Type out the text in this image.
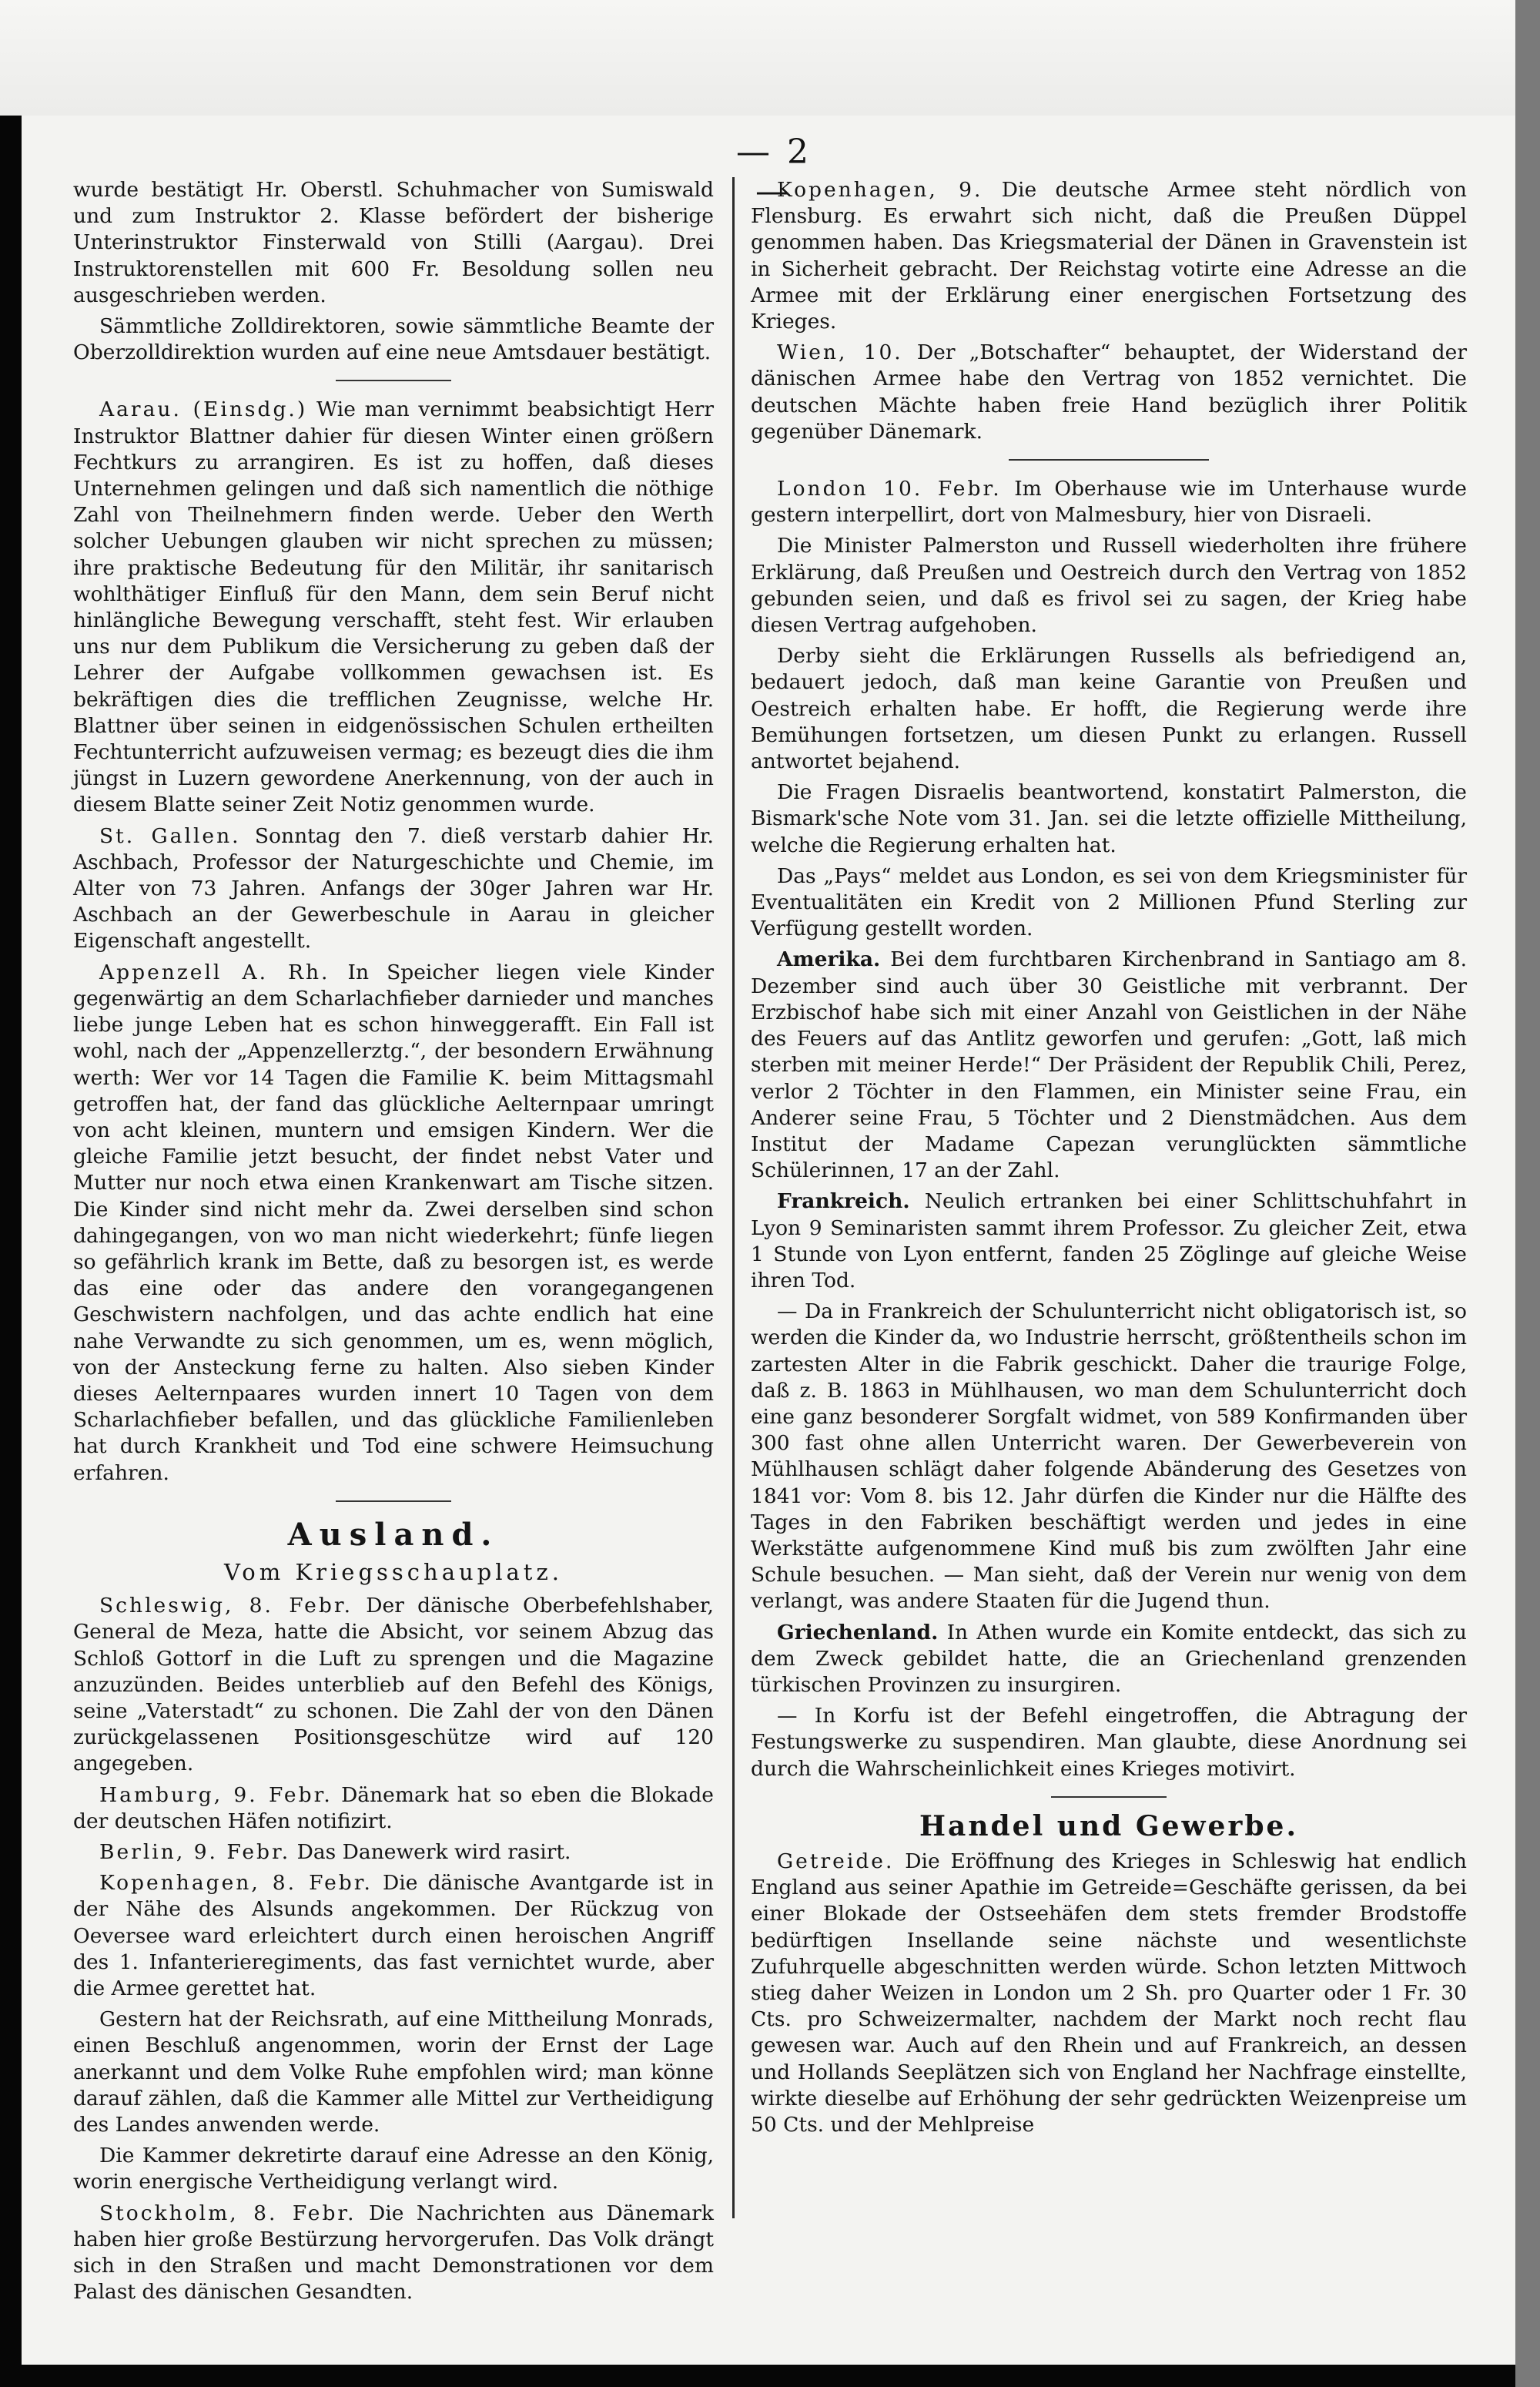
— 2 —

wurde bestätigt Hr. Oberstl. Schuhmacher von Sumiswald und zum Instruktor 2. Klasse befördert der bisherige Unterinstruktor Finsterwald von Stilli (Aargau). Drei Instruktorenstellen mit 600 Fr. Besoldung sollen neu ausgeschrieben werden.

Sämmtliche Zolldirektoren, sowie sämmtliche Beamte der Oberzolldirektion wurden auf eine neue Amtsdauer bestätigt.

Aarau. (Einsdg.) Wie man vernimmt beabsichtigt Herr Instruktor Blattner dahier für diesen Winter einen größern Fechtkurs zu arrangiren. Es ist zu hoffen, daß dieses Unternehmen gelingen und daß sich namentlich die nöthige Zahl von Theilnehmern finden werde. Ueber den Werth solcher Uebungen glauben wir nicht sprechen zu müssen; ihre praktische Bedeutung für den Militär, ihr sanitarisch wohlthätiger Einfluß für den Mann, dem sein Beruf nicht hinlängliche Bewegung verschafft, steht fest. Wir erlauben uns nur dem Publikum die Versicherung zu geben daß der Lehrer der Aufgabe vollkommen gewachsen ist. Es bekräftigen dies die trefflichen Zeugnisse, welche Hr. Blattner über seinen in eidgenössischen Schulen ertheilten Fechtunterricht aufzuweisen vermag; es bezeugt dies die ihm jüngst in Luzern gewordene Anerkennung, von der auch in diesem Blatte seiner Zeit Notiz genommen wurde.

St. Gallen. Sonntag den 7. dieß verstarb dahier Hr. Aschbach, Professor der Naturgeschichte und Chemie, im Alter von 73 Jahren. Anfangs der 30ger Jahren war Hr. Aschbach an der Gewerbeschule in Aarau in gleicher Eigenschaft angestellt.

Appenzell A. Rh. In Speicher liegen viele Kinder gegenwärtig an dem Scharlachfieber darnieder und manches liebe junge Leben hat es schon hinweggerafft. Ein Fall ist wohl, nach der „Appenzellerztg.“, der besondern Erwähnung werth: Wer vor 14 Tagen die Familie K. beim Mittagsmahl getroffen hat, der fand das glückliche Aelternpaar umringt von acht kleinen, muntern und emsigen Kindern. Wer die gleiche Familie jetzt besucht, der findet nebst Vater und Mutter nur noch etwa einen Krankenwart am Tische sitzen. Die Kinder sind nicht mehr da. Zwei derselben sind schon dahingegangen, von wo man nicht wiederkehrt; fünfe liegen so gefährlich krank im Bette, daß zu besorgen ist, es werde das eine oder das andere den vorangegangenen Geschwistern nachfolgen, und das achte endlich hat eine nahe Verwandte zu sich genommen, um es, wenn möglich, von der Ansteckung ferne zu halten. Also sieben Kinder dieses Aelternpaares wurden innert 10 Tagen von dem Scharlachfieber befallen, und das glückliche Familienleben hat durch Krankheit und Tod eine schwere Heimsuchung erfahren.

Ausland.
Vom Kriegsschauplatz.

Schleswig, 8. Febr. Der dänische Oberbefehlshaber, General de Meza, hatte die Absicht, vor seinem Abzug das Schloß Gottorf in die Luft zu sprengen und die Magazine anzuzünden. Beides unterblieb auf den Befehl des Königs, seine „Vaterstadt“ zu schonen. Die Zahl der von den Dänen zurückgelassenen Positionsgeschütze wird auf 120 angegeben.

Hamburg, 9. Febr. Dänemark hat so eben die Blokade der deutschen Häfen notifizirt.

Berlin, 9. Febr. Das Danewerk wird rasirt.

Kopenhagen, 8. Febr. Die dänische Avantgarde ist in der Nähe des Alsunds angekommen. Der Rückzug von Oeversee ward erleichtert durch einen heroischen Angriff des 1. Infanterieregiments, das fast vernichtet wurde, aber die Armee gerettet hat.

Gestern hat der Reichsrath, auf eine Mittheilung Monrads, einen Beschluß angenommen, worin der Ernst der Lage anerkannt und dem Volke Ruhe empfohlen wird; man könne darauf zählen, daß die Kammer alle Mittel zur Vertheidigung des Landes anwenden werde.

Die Kammer dekretirte darauf eine Adresse an den König, worin energische Vertheidigung verlangt wird.

Stockholm, 8. Febr. Die Nachrichten aus Dänemark haben hier große Bestürzung hervorgerufen. Das Volk drängt sich in den Straßen und macht Demonstrationen vor dem Palast des dänischen Gesandten.

Kopenhagen, 9. Die deutsche Armee steht nördlich von Flensburg. Es erwahrt sich nicht, daß die Preußen Düppel genommen haben. Das Kriegsmaterial der Dänen in Gravenstein ist in Sicherheit gebracht. Der Reichstag votirte eine Adresse an die Armee mit der Erklärung einer energischen Fortsetzung des Krieges.

Wien, 10. Der „Botschafter“ behauptet, der Widerstand der dänischen Armee habe den Vertrag von 1852 vernichtet. Die deutschen Mächte haben freie Hand bezüglich ihrer Politik gegenüber Dänemark.

London 10. Febr. Im Oberhause wie im Unterhause wurde gestern interpellirt, dort von Malmesbury, hier von Disraeli.

Die Minister Palmerston und Russell wiederholten ihre frühere Erklärung, daß Preußen und Oestreich durch den Vertrag von 1852 gebunden seien, und daß es frivol sei zu sagen, der Krieg habe diesen Vertrag aufgehoben.

Derby sieht die Erklärungen Russells als befriedigend an, bedauert jedoch, daß man keine Garantie von Preußen und Oestreich erhalten habe. Er hofft, die Regierung werde ihre Bemühungen fortsetzen, um diesen Punkt zu erlangen. Russell antwortet bejahend.

Die Fragen Disraelis beantwortend, konstatirt Palmerston, die Bismark'sche Note vom 31. Jan. sei die letzte offizielle Mittheilung, welche die Regierung erhalten hat.

Das „Pays“ meldet aus London, es sei von dem Kriegsminister für Eventualitäten ein Kredit von 2 Millionen Pfund Sterling zur Verfügung gestellt worden.

Amerika. Bei dem furchtbaren Kirchenbrand in Santiago am 8. Dezember sind auch über 30 Geistliche mit verbrannt. Der Erzbischof habe sich mit einer Anzahl von Geistlichen in der Nähe des Feuers auf das Antlitz geworfen und gerufen: „Gott, laß mich sterben mit meiner Herde!“ Der Präsident der Republik Chili, Perez, verlor 2 Töchter in den Flammen, ein Minister seine Frau, ein Anderer seine Frau, 5 Töchter und 2 Dienstmädchen. Aus dem Institut der Madame Capezan verunglückten sämmtliche Schülerinnen, 17 an der Zahl.

Frankreich. Neulich ertranken bei einer Schlittschuhfahrt in Lyon 9 Seminaristen sammt ihrem Professor. Zu gleicher Zeit, etwa 1 Stunde von Lyon entfernt, fanden 25 Zöglinge auf gleiche Weise ihren Tod.

— Da in Frankreich der Schulunterricht nicht obligatorisch ist, so werden die Kinder da, wo Industrie herrscht, größtentheils schon im zartesten Alter in die Fabrik geschickt. Daher die traurige Folge, daß z. B. 1863 in Mühlhausen, wo man dem Schulunterricht doch eine ganz besonderer Sorgfalt widmet, von 589 Konfirmanden über 300 fast ohne allen Unterricht waren. Der Gewerbeverein von Mühlhausen schlägt daher folgende Abänderung des Gesetzes von 1841 vor: Vom 8. bis 12. Jahr dürfen die Kinder nur die Hälfte des Tages in den Fabriken beschäftigt werden und jedes in eine Werkstätte aufgenommene Kind muß bis zum zwölften Jahr eine Schule besuchen. — Man sieht, daß der Verein nur wenig von dem verlangt, was andere Staaten für die Jugend thun.

Griechenland. In Athen wurde ein Komite entdeckt, das sich zu dem Zweck gebildet hatte, die an Griechenland grenzenden türkischen Provinzen zu insurgiren.

— In Korfu ist der Befehl eingetroffen, die Abtragung der Festungswerke zu suspendiren. Man glaubte, diese Anordnung sei durch die Wahrscheinlichkeit eines Krieges motivirt.

Handel und Gewerbe.

Getreide. Die Eröffnung des Krieges in Schleswig hat endlich England aus seiner Apathie im Getreide=Geschäfte gerissen, da bei einer Blokade der Ostseehäfen dem stets fremder Brodstoffe bedürftigen Insellande seine nächste und wesentlichste Zufuhrquelle abgeschnitten werden würde. Schon letzten Mittwoch stieg daher Weizen in London um 2 Sh. pro Quarter oder 1 Fr. 30 Cts. pro Schweizermalter, nachdem der Markt noch recht flau gewesen war. Auch auf den Rhein und auf Frankreich, an dessen und Hollands Seeplätzen sich von England her Nachfrage einstellte, wirkte dieselbe auf Erhöhung der sehr gedrückten Weizenpreise um 50 Cts. und der Mehlpreise
